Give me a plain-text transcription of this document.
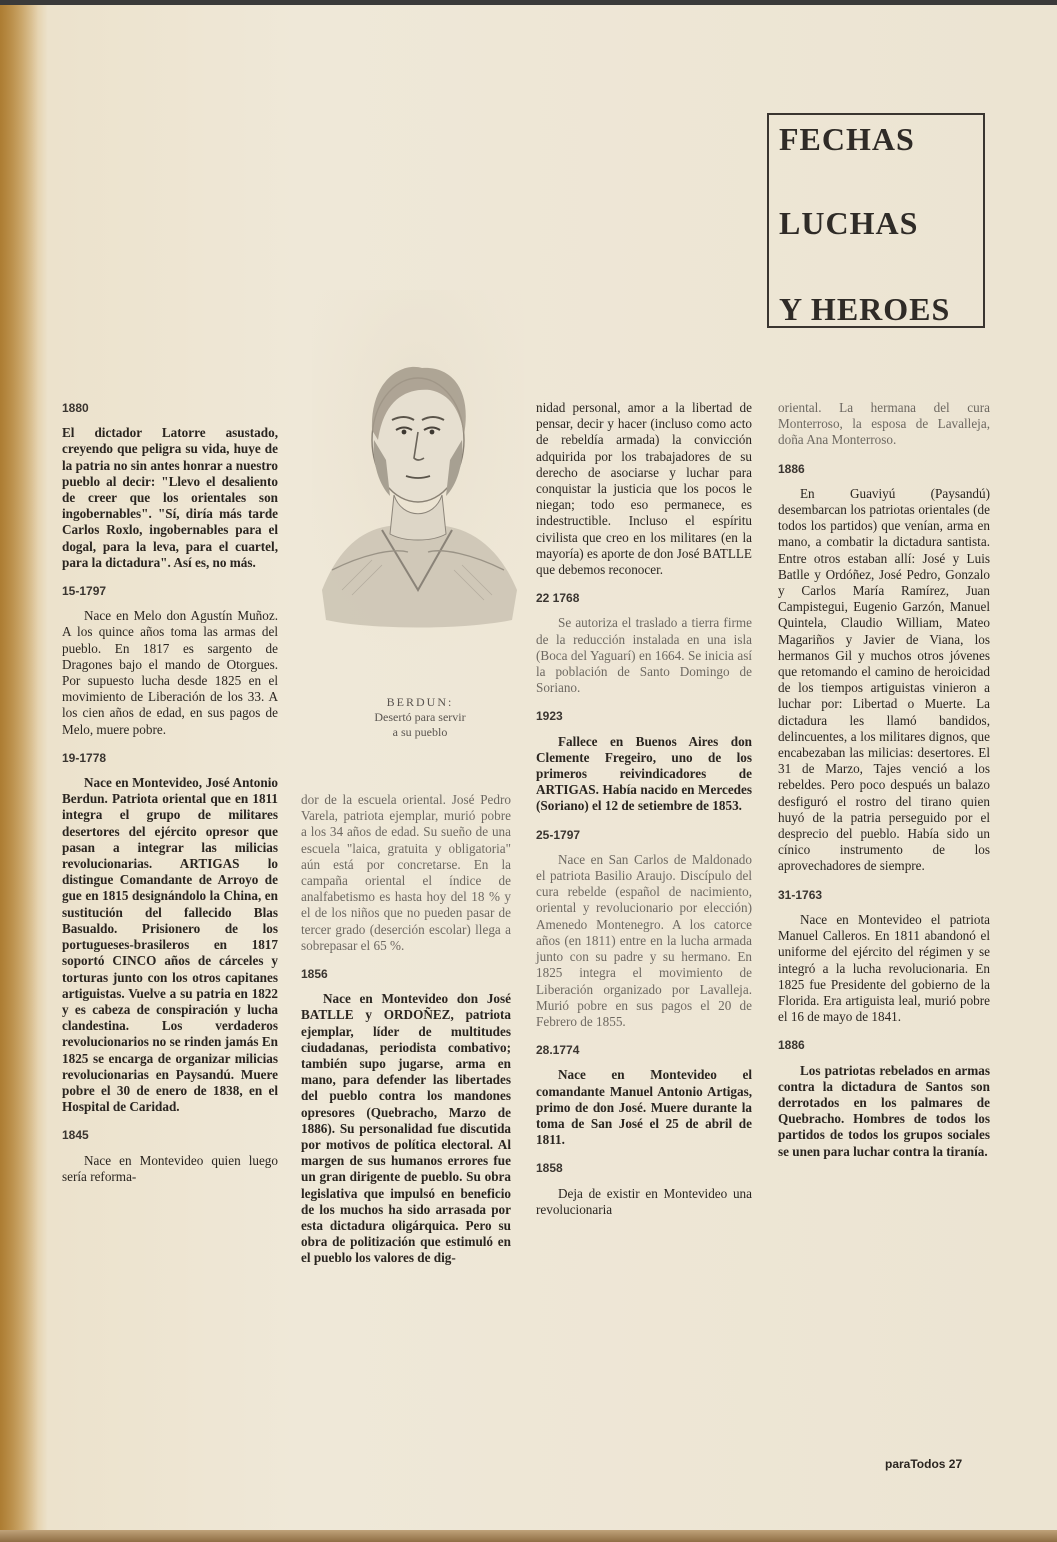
FECHAS
LUCHAS
Y HEROES
BERDUN:
Desertó para servir
a su pueblo
1880

El dictador Latorre asustado, creyendo que peligra su vida, huye de la patria no sin antes honrar a nuestro pueblo al decir: "Llevo el desaliento de creer que los orientales son ingobernables". "Sí, diría más tarde Carlos Roxlo, ingobernables para el dogal, para la leva, para el cuartel, para la dictadura". Así es, no más.

15-1797

Nace en Melo don Agustín Muñoz. A los quince años toma las armas del pueblo. En 1817 es sargento de Dragones bajo el mando de Otorgues. Por supuesto lucha desde 1825 en el movimiento de Liberación de los 33. A los cien años de edad, en sus pagos de Melo, muere pobre.

19-1778

Nace en Montevideo, José Antonio Berdun. Patriota oriental que en 1811 integra el grupo de militares desertores del ejército opresor que pasan a integrar las milicias revolucionarias. ARTIGAS lo distingue Comandante de Arroyo de gue en 1815 designándolo la China, en sustitución del fallecido Blas Basualdo. Prisionero de los portugueses-brasileros en 1817 soportó CINCO años de cárceles y torturas junto con los otros capitanes artiguistas. Vuelve a su patria en 1822 y es cabeza de conspiración y lucha clandestina. Los verdaderos revolucionarios no se rinden jamás En 1825 se encarga de organizar milicias revolucionarias en Paysandú. Muere pobre el 30 de enero de 1838, en el Hospital de Caridad.

1845

Nace en Montevideo quien luego sería reforma-

dor de la escuela oriental. José Pedro Varela, patriota ejemplar, murió pobre a los 34 años de edad. Su sueño de una escuela "laica, gratuita y obligatoria" aún está por concretarse. En la campaña oriental el índice de analfabetismo es hasta hoy del 18 % y el de los niños que no pueden pasar de tercer grado (deserción escolar) llega a sobrepasar el 65 %.

1856

Nace en Montevideo don José BATLLE y ORDOÑEZ, patriota ejemplar, líder de multitudes ciudadanas, periodista combativo; también supo jugarse, arma en mano, para defender las libertades del pueblo contra los mandones opresores (Quebracho, Marzo de 1886). Su personalidad fue discutida por motivos de política electoral. Al margen de sus humanos errores fue un gran dirigente de pueblo. Su obra legislativa que impulsó en beneficio de los muchos ha sido arrasada por esta dictadura oligárquica. Pero su obra de politización que estimuló en el pueblo los valores de dig-

nidad personal, amor a la libertad de pensar, decir y hacer (incluso como acto de rebeldía armada) la convicción adquirida por los trabajadores de su derecho de asociarse y luchar para conquistar la justicia que los pocos le niegan; todo eso permanece, es indestructible. Incluso el espíritu civilista que creo en los militares (en la mayoría) es aporte de don José BATLLE que debemos reconocer.

22 1768

Se autoriza el traslado a tierra firme de la reducción instalada en una isla (Boca del Yaguarí) en 1664. Se inicia así la población de Santo Domingo de Soriano.

1923

Fallece en Buenos Aires don Clemente Fregeiro, uno de los primeros reivindicadores de ARTIGAS. Había nacido en Mercedes (Soriano) el 12 de setiembre de 1853.

25-1797

Nace en San Carlos de Maldonado el patriota Basilio Araujo. Discípulo del cura rebelde (español de nacimiento, oriental y revolucionario por elección) Amenedo Montenegro. A los catorce años (en 1811) entre en la lucha armada junto con su padre y su hermano. En 1825 integra el movimiento de Liberación organizado por Lavalleja. Murió pobre en sus pagos el 20 de Febrero de 1855.

28.1774

Nace en Montevideo el comandante Manuel Antonio Artigas, primo de don José. Muere durante la toma de San José el 25 de abril de 1811.

1858

Deja de existir en Montevideo una revolucionaria

oriental. La hermana del cura Monterroso, la esposa de Lavalleja, doña Ana Monterroso.

1886

En Guaviyú (Paysandú) desembarcan los patriotas orientales (de todos los partidos) que venían, arma en mano, a combatir la dictadura santista. Entre otros estaban allí: José y Luis Batlle y Ordóñez, José Pedro, Gonzalo y Carlos María Ramírez, Juan Campistegui, Eugenio Garzón, Manuel Quintela, Claudio William, Mateo Magariños y Javier de Viana, los hermanos Gil y muchos otros jóvenes que retomando el camino de heroicidad de los tiempos artiguistas vinieron a luchar por: Libertad o Muerte. La dictadura les llamó bandidos, delincuentes, a los militares dignos, que encabezaban las milicias: desertores. El 31 de Marzo, Tajes venció a los rebeldes. Pero poco después un balazo desfiguró el rostro del tirano quien huyó de la patria perseguido por el desprecio del pueblo. Había sido un cínico instrumento de los aprovechadores de siempre.

31-1763

Nace en Montevideo el patriota Manuel Calleros. En 1811 abandonó el uniforme del ejército del régimen y se integró a la lucha revolucionaria. En 1825 fue Presidente del gobierno de la Florida. Era artiguista leal, murió pobre el 16 de mayo de 1841.

1886

Los patriotas rebelados en armas contra la dictadura de Santos son derrotados en los palmares de Quebracho. Hombres de todos los partidos de todos los grupos sociales se unen para luchar contra la tiranía.

paraTodos 27
